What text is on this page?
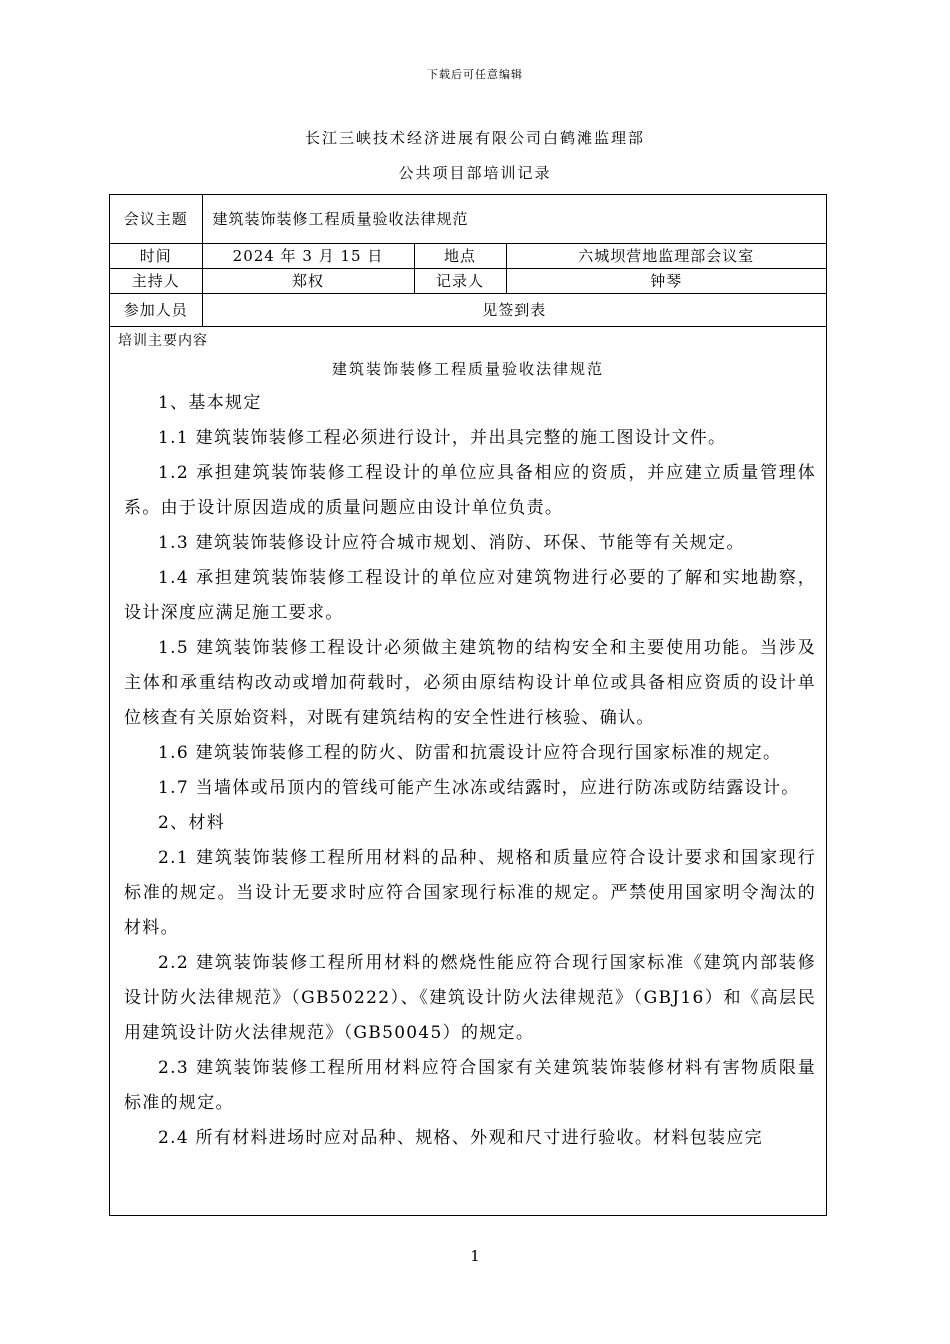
下载后可任意编辑
长江三峡技术经济进展有限公司白鹤滩监理部
公共项目部培训记录
会议主题	建筑装饰装修工程质量验收法律规范		
时间	2024 年 3 月 15 日	地点	六城坝营地监理部会议室
主持人	郑权	记录人	钟琴
参加人员	见签到表		
培训主要内容
建筑装饰装修工程质量验收法律规范

1、基本规定

1.1 建筑装饰装修工程必须进行设计，并出具完整的施工图设计文件。

1.2 承担建筑装饰装修工程设计的单位应具备相应的资质，并应建立质量管理体系。由于设计原因造成的质量问题应由设计单位负责。

1.3 建筑装饰装修设计应符合城市规划、消防、环保、节能等有关规定。

1.4 承担建筑装饰装修工程设计的单位应对建筑物进行必要的了解和实地勘察，设计深度应满足施工要求。

1.5 建筑装饰装修工程设计必须做主建筑物的结构安全和主要使用功能。当涉及主体和承重结构改动或增加荷载时，必须由原结构设计单位或具备相应资质的设计单位核查有关原始资料，对既有建筑结构的安全性进行核验、确认。

1.6 建筑装饰装修工程的防火、防雷和抗震设计应符合现行国家标准的规定。

1.7 当墙体或吊顶内的管线可能产生冰冻或结露时，应进行防冻或防结露设计。

2、材料

2.1 建筑装饰装修工程所用材料的品种、规格和质量应符合设计要求和国家现行标准的规定。当设计无要求时应符合国家现行标准的规定。严禁使用国家明令淘汰的材料。

2.2 建筑装饰装修工程所用材料的燃烧性能应符合现行国家标准《建筑内部装修设计防火法律规范》（GB50222）、《建筑设计防火法律规范》（GBJ16）和《高层民用建筑设计防火法律规范》（GB50045）的规定。

2.3 建筑装饰装修工程所用材料应符合国家有关建筑装饰装修材料有害物质限量标准的规定。

2.4 所有材料进场时应对品种、规格、外观和尺寸进行验收。材料包装应完

1
